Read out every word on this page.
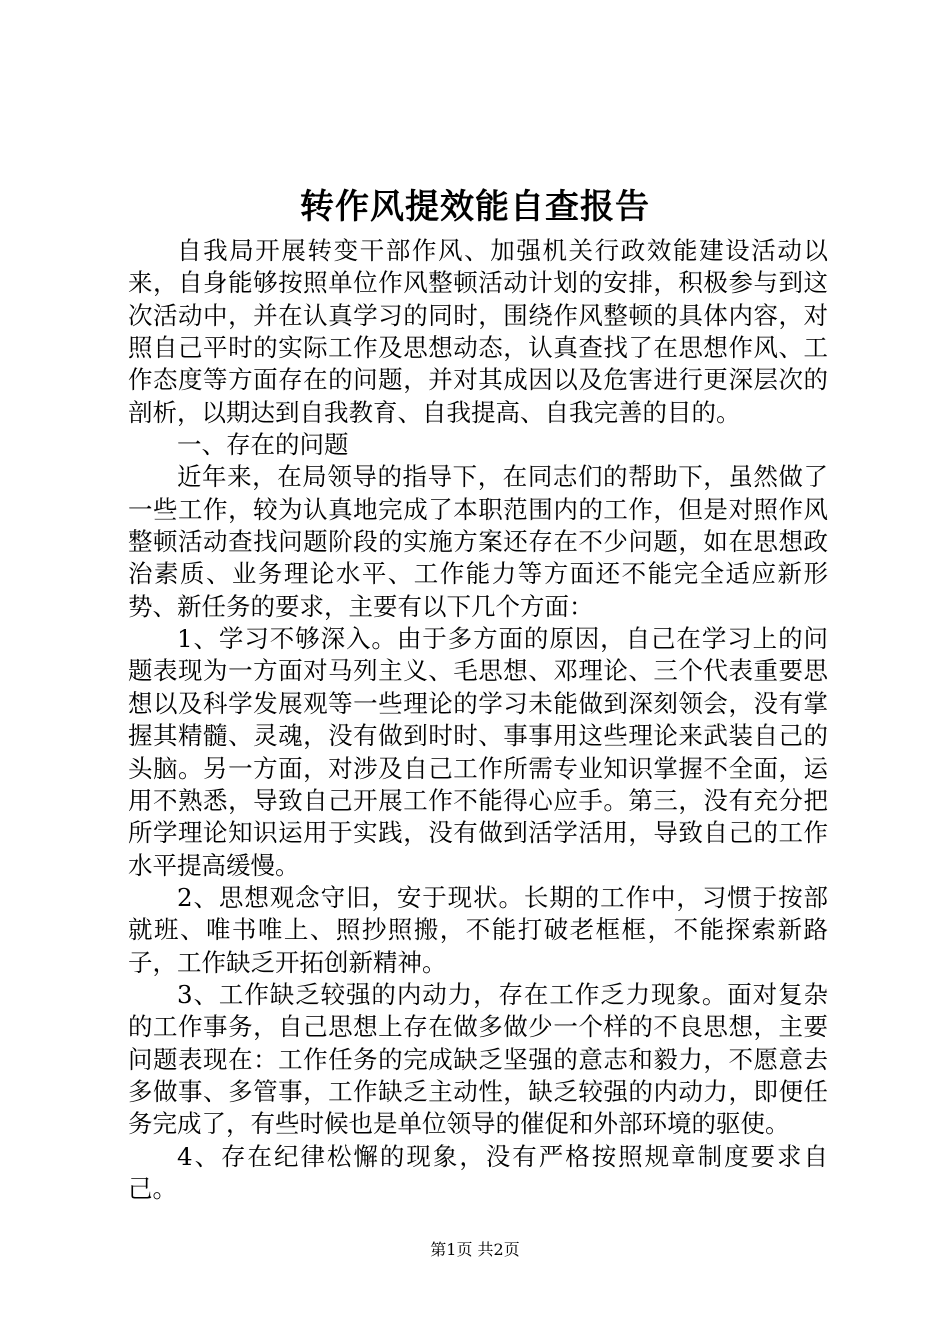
转作风提效能自查报告

自我局开展转变干部作风、加强机关行政效能建设活动以来，自身能够按照单位作风整顿活动计划的安排，积极参与到这次活动中，并在认真学习的同时，围绕作风整顿的具体内容，对照自己平时的实际工作及思想动态，认真查找了在思想作风、工作态度等方面存在的问题，并对其成因以及危害进行更深层次的剖析，以期达到自我教育、自我提高、自我完善的目的。

一、存在的问题

近年来，在局领导的指导下，在同志们的帮助下，虽然做了一些工作，较为认真地完成了本职范围内的工作，但是对照作风整顿活动查找问题阶段的实施方案还存在不少问题，如在思想政治素质、业务理论水平、工作能力等方面还不能完全适应新形势、新任务的要求，主要有以下几个方面：

1、学习不够深入。由于多方面的原因，自己在学习上的问题表现为一方面对马列主义、毛思想、邓理论、三个代表重要思想以及科学发展观等一些理论的学习未能做到深刻领会，没有掌握其精髓、灵魂，没有做到时时、事事用这些理论来武装自己的头脑。另一方面，对涉及自己工作所需专业知识掌握不全面，运用不熟悉，导致自己开展工作不能得心应手。第三，没有充分把所学理论知识运用于实践，没有做到活学活用，导致自己的工作水平提高缓慢。

2、思想观念守旧，安于现状。长期的工作中，习惯于按部就班、唯书唯上、照抄照搬，不能打破老框框，不能探索新路子，工作缺乏开拓创新精神。

3、工作缺乏较强的内动力，存在工作乏力现象。面对复杂的工作事务，自己思想上存在做多做少一个样的不良思想，主要问题表现在：工作任务的完成缺乏坚强的意志和毅力，不愿意去多做事、多管事，工作缺乏主动性，缺乏较强的内动力，即便任务完成了，有些时候也是单位领导的催促和外部环境的驱使。

4、存在纪律松懈的现象，没有严格按照规章制度要求自己。

第1页 共2页
